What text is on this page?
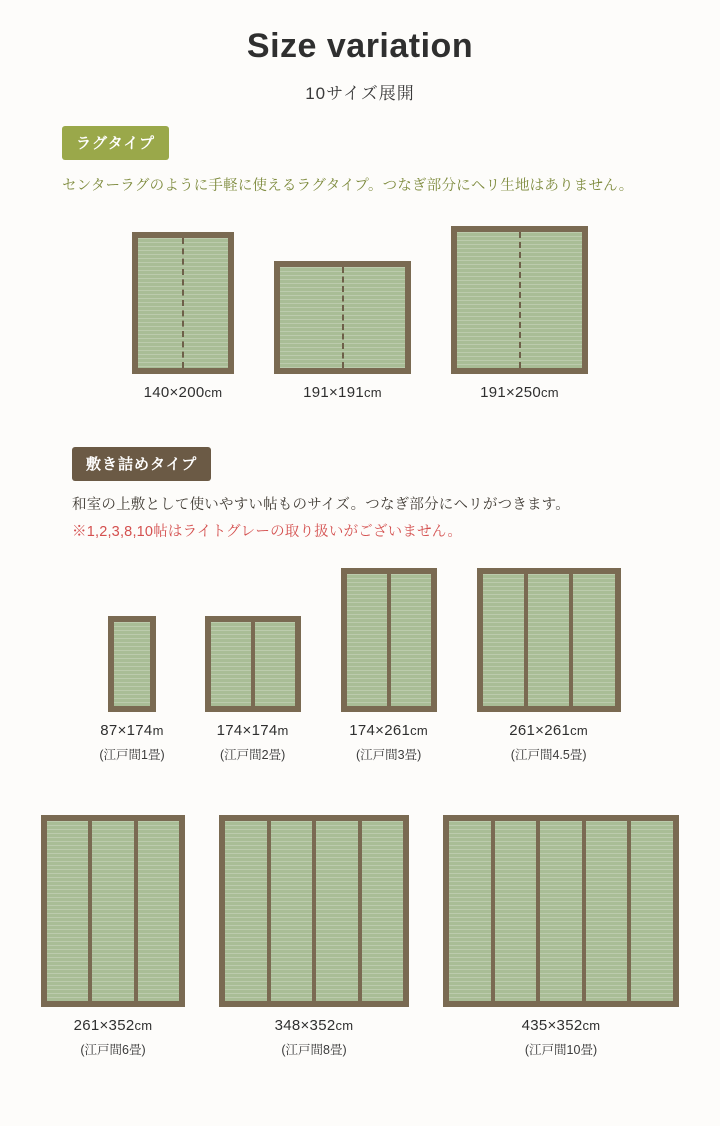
Size variation
10サイズ展開
ラグタイプ
センターラグのように手軽に使えるラグタイプ。つなぎ部分にヘリ生地はありません。
140×200cm	191×191cm	191×250cm
敷き詰めタイプ
和室の上敷として使いやすい帖ものサイズ。つなぎ部分にヘリがつきます。
※1,2,3,8,10帖はライトグレーの取り扱いがございません。
87×174m
(江戸間1畳)
174×174m
(江戸間2畳)
174×261cm
(江戸間3畳)
261×261cm
(江戸間4.5畳)
261×352cm
(江戸間6畳)
348×352cm
(江戸間8畳)
435×352cm
(江戸間10畳)
